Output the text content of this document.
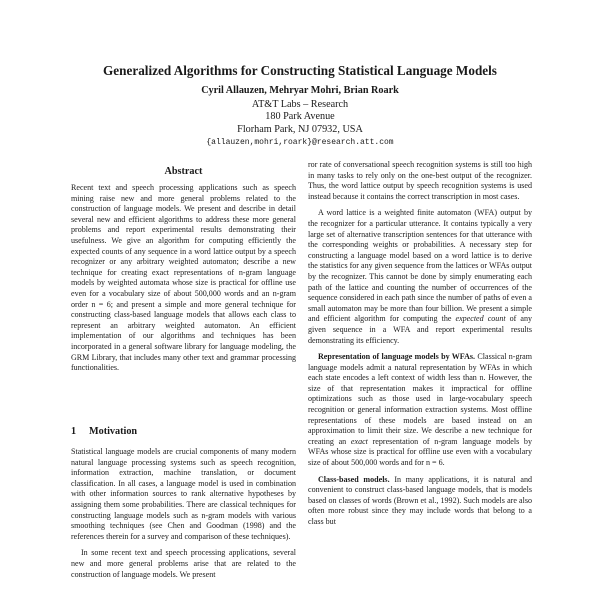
Generalized Algorithms for Constructing Statistical Language Models
Cyril Allauzen, Mehryar Mohri, Brian Roark
AT&T Labs – Research
180 Park Avenue
Florham Park, NJ 07932, USA
{allauzen,mohri,roark}@research.att.com
Abstract

Recent text and speech processing applications such as speech mining raise new and more general problems related to the construction of language models. We present and describe in detail several new and efficient algorithms to address these more general problems and report experimental results demonstrating their usefulness. We give an algorithm for computing efficiently the expected counts of any sequence in a word lattice output by a speech recognizer or any arbitrary weighted automaton; describe a new technique for creating exact representations of n-gram language models by weighted automata whose size is practical for offline use even for a vocabulary size of about 500,000 words and an n-gram order n = 6; and present a simple and more general technique for constructing class-based language models that allows each class to represent an arbitrary weighted automaton. An efficient implementation of our algorithms and techniques has been incorporated in a general software library for language modeling, the GRM Library, that includes many other text and grammar processing functionalities.

1 Motivation

Statistical language models are crucial components of many modern natural language processing systems such as speech recognition, information extraction, machine translation, or document classification. In all cases, a language model is used in combination with other information sources to rank alternative hypotheses by assigning them some probabilities. There are classical techniques for constructing language models such as n-gram models with various smoothing techniques (see Chen and Goodman (1998) and the references therein for a survey and comparison of these techniques).

In some recent text and speech processing applications, several new and more general problems arise that are related to the construction of language models. We present

ror rate of conversational speech recognition systems is still too high in many tasks to rely only on the one-best output of the recognizer. Thus, the word lattice output by speech recognition systems is used instead because it contains the correct transcription in most cases.

A word lattice is a weighted finite automaton (WFA) output by the recognizer for a particular utterance. It contains typically a very large set of alternative transcription sentences for that utterance with the corresponding weights or probabilities. A necessary step for constructing a language model based on a word lattice is to derive the statistics for any given sequence from the lattices or WFAs output by the recognizer. This cannot be done by simply enumerating each path of the lattice and counting the number of occurrences of the sequence considered in each path since the number of paths of even a small automaton may be more than four billion. We present a simple and efficient algorithm for computing the expected count of any given sequence in a WFA and report experimental results demonstrating its efficiency.

Representation of language models by WFAs. Classical n-gram language models admit a natural representation by WFAs in which each state encodes a left context of width less than n. However, the size of that representation makes it impractical for offline optimizations such as those used in large-vocabulary speech recognition or general information extraction systems. Most offline representations of these models are based instead on an approximation to limit their size. We describe a new technique for creating an exact representation of n-gram language models by WFAs whose size is practical for offline use even with a vocabulary size of about 500,000 words and for n = 6.

Class-based models. In many applications, it is natural and convenient to construct class-based language models, that is models based on classes of words (Brown et al., 1992). Such models are also often more robust since they may include words that belong to a class but
